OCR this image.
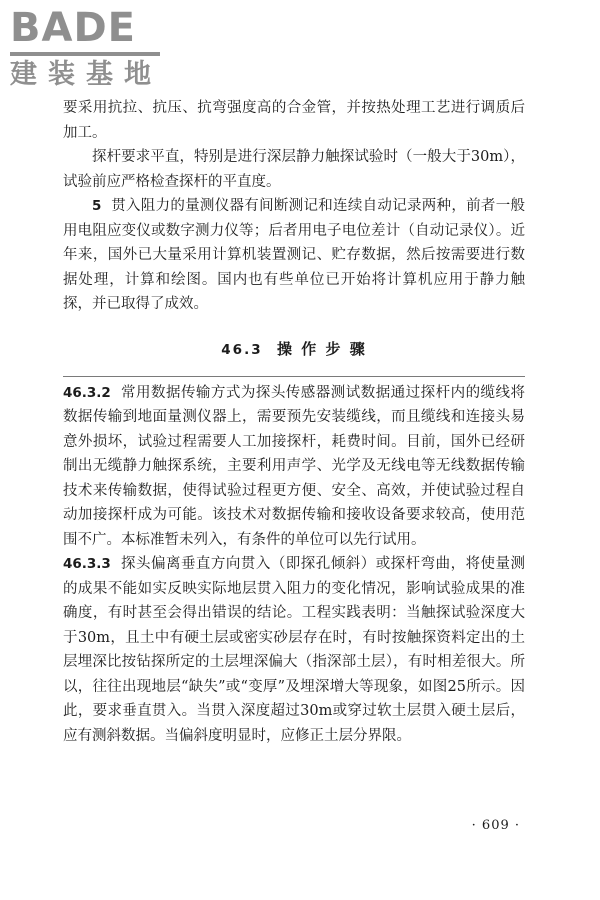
BADE
建装基地

要采用抗拉、抗压、抗弯强度高的合金管，并按热处理工艺进行调质后加工。

探杆要求平直，特别是进行深层静力触探试验时（一般大于30m），试验前应严格检查探杆的平直度。

5 贯入阻力的量测仪器有间断测记和连续自动记录两种，前者一般用电阻应变仪或数字测力仪等；后者用电子电位差计（自动记录仪）。近年来，国外已大量采用计算机装置测记、贮存数据，然后按需要进行数据处理，计算和绘图。国内也有些单位已开始将计算机应用于静力触探，并已取得了成效。

46.3 操 作 步 骤

46.3.2 常用数据传输方式为探头传感器测试数据通过探杆内的缆线将数据传输到地面量测仪器上，需要预先安装缆线，而且缆线和连接头易意外损坏，试验过程需要人工加接探杆，耗费时间。目前，国外已经研制出无缆静力触探系统，主要利用声学、光学及无线电等无线数据传输技术来传输数据，使得试验过程更方便、安全、高效，并使试验过程自动加接探杆成为可能。该技术对数据传输和接收设备要求较高，使用范围不广。本标准暂未列入，有条件的单位可以先行试用。

46.3.3 探头偏离垂直方向贯入（即探孔倾斜）或探杆弯曲，将使量测的成果不能如实反映实际地层贯入阻力的变化情况，影响试验成果的准确度，有时甚至会得出错误的结论。工程实践表明：当触探试验深度大于30m，且土中有硬土层或密实砂层存在时，有时按触探资料定出的土层埋深比按钻探所定的土层埋深偏大（指深部土层），有时相差很大。所以，往往出现地层“缺失”或“变厚”及埋深增大等现象，如图25所示。因此，要求垂直贯入。当贯入深度超过30m或穿过软土层贯入硬土层后，应有测斜数据。当偏斜度明显时，应修正土层分界限。

· 609 ·
